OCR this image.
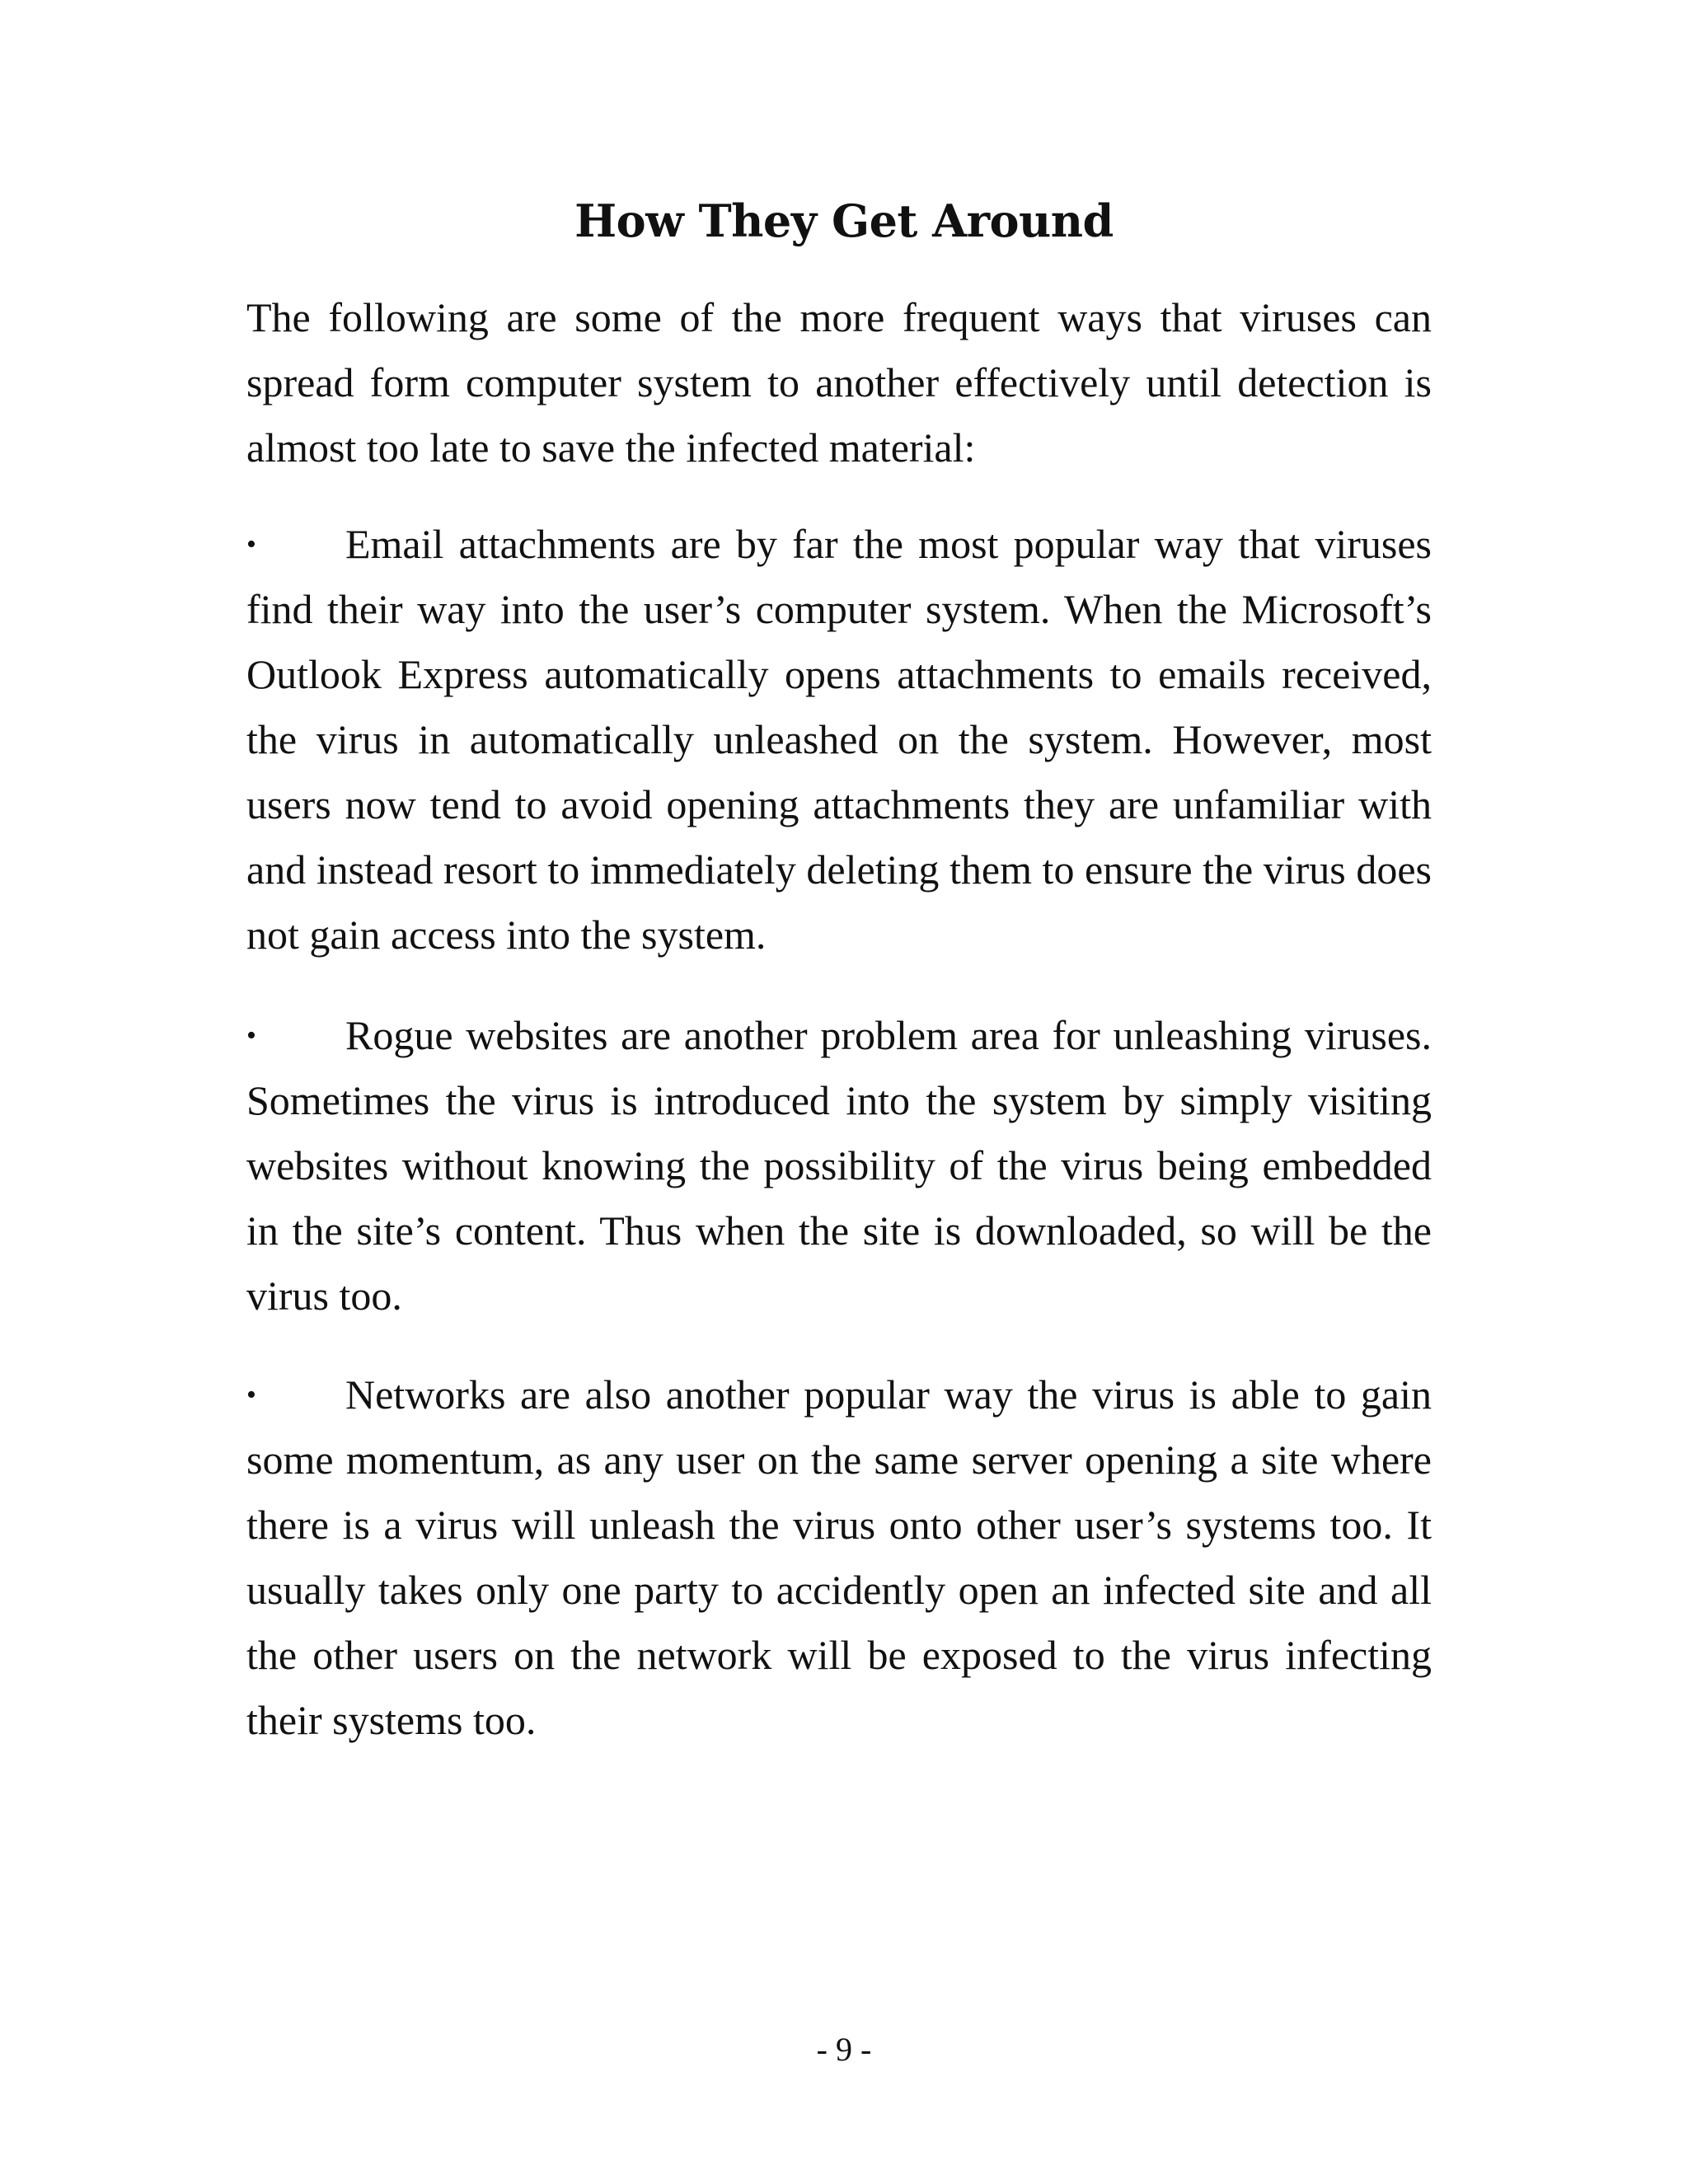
How They Get Around

The following are some of the more frequent ways that viruses can spread form computer system to another effectively until detection is almost too late to save the infected material:

• Email attachments are by far the most popular way that viruses find their way into the user’s computer system. When the Microsoft’s Outlook Express automatically opens attachments to emails received, the virus in automatically unleashed on the system. However, most users now tend to avoid opening attachments they are unfamiliar with and instead resort to immediately deleting them to ensure the virus does not gain access into the system.

• Rogue websites are another problem area for unleashing viruses. Sometimes the virus is introduced into the system by simply visiting websites without knowing the possibility of the virus being embedded in the site’s content. Thus when the site is downloaded, so will be the virus too.

• Networks are also another popular way the virus is able to gain some momentum, as any user on the same server opening a site where there is a virus will unleash the virus onto other user’s systems too. It usually takes only one party to accidently open an infected site and all the other users on the network will be exposed to the virus infecting their systems too.

- 9 -
